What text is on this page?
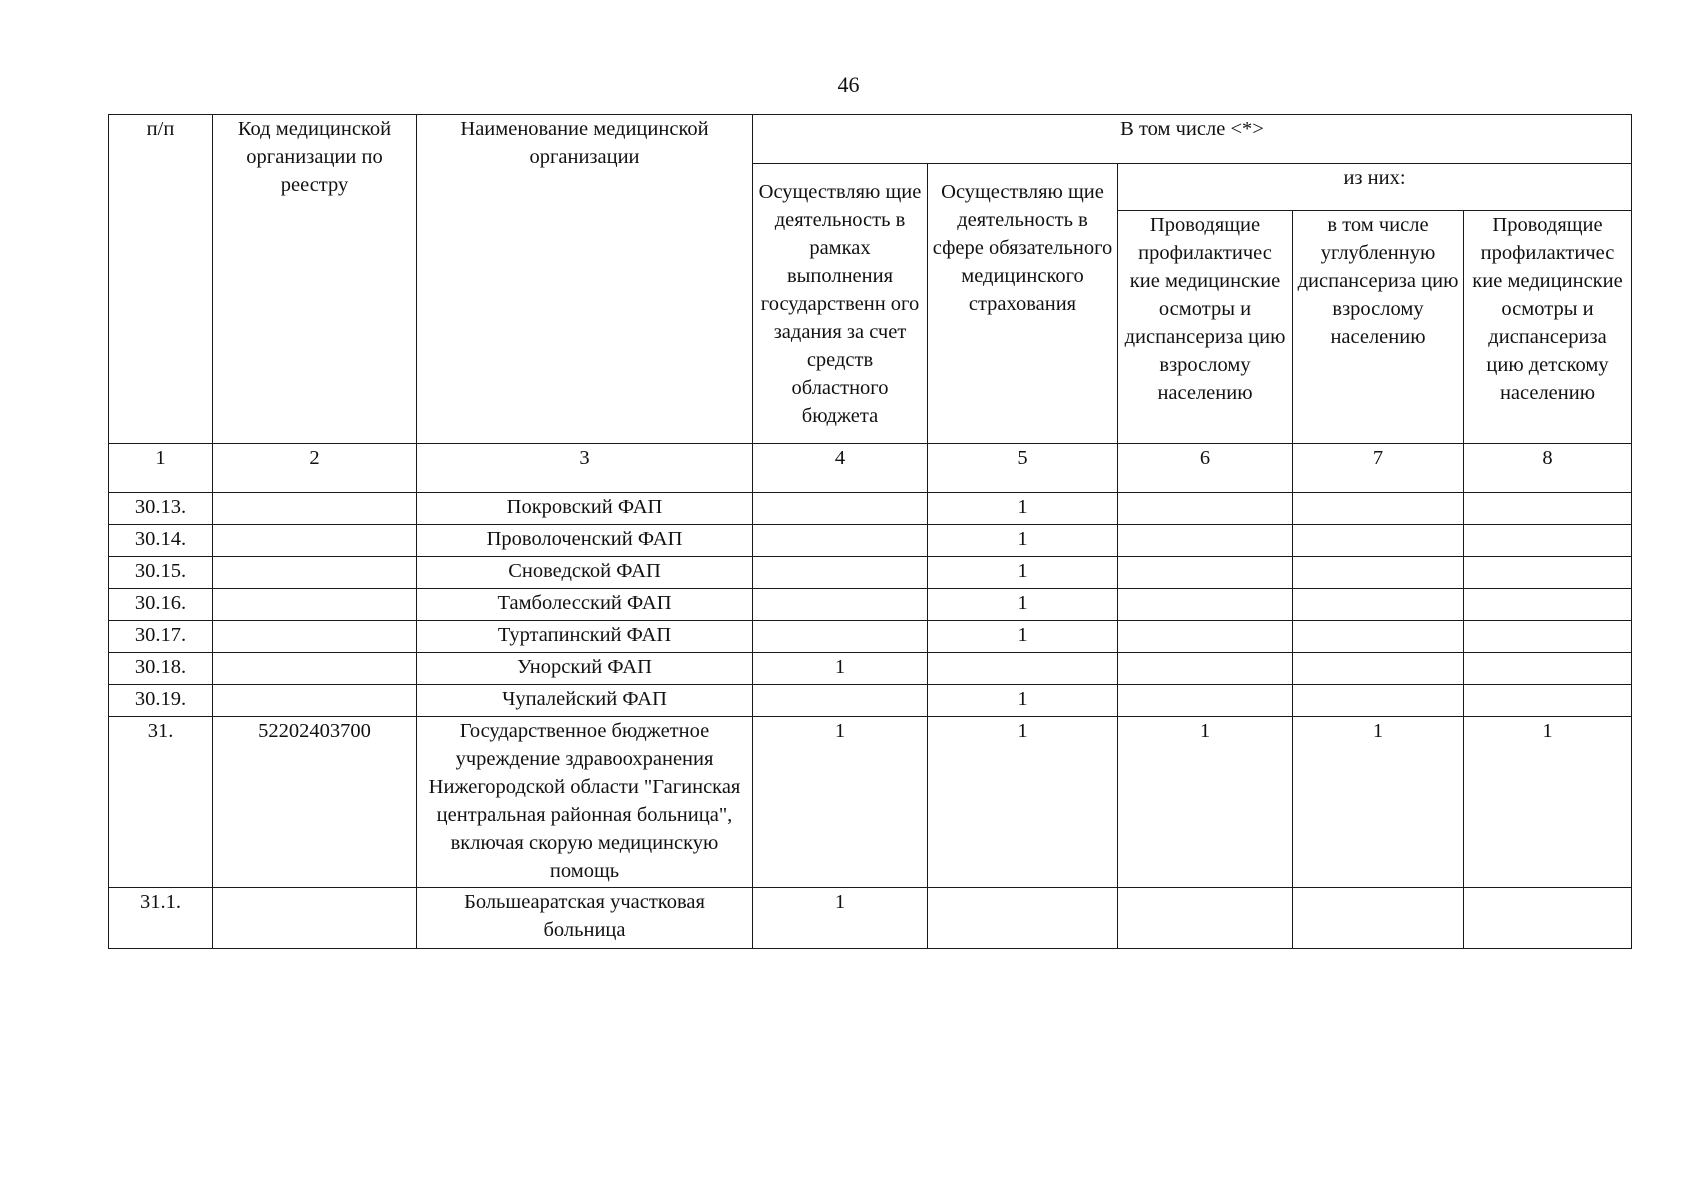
46
п/п	Код медицинской организации по реестру	Наименование медицинской организации	В том числе <*>				
			Осуществляю щие деятельность в рамках выполнения государственн ого задания за счет средств областного бюджета	Осуществляю щие деятельность в сфере обязательного медицинского страхования	из них:		
					Проводящие профилактичес кие медицинские осмотры и диспансериза цию взрослому населению	в том числе углубленную диспансериза цию взрослому населению	Проводящие профилактичес кие медицинские осмотры и диспансериза цию детскому населению
1	2	3	4	5	6	7	8
30.13.		Покровский ФАП		1			
30.14.		Проволоченский ФАП		1			
30.15.		Сноведской ФАП		1			
30.16.		Тамболесский ФАП		1			
30.17.		Туртапинский ФАП		1			
30.18.		Унорский ФАП	1				
30.19.		Чупалейский ФАП		1			
31.	52202403700	Государственное бюджетное учреждение здравоохранения Нижегородской области "Гагинская центральная районная больница", включая скорую медицинскую помощь	1	1	1	1	1
31.1.		Большеаратская участковая больница	1				
